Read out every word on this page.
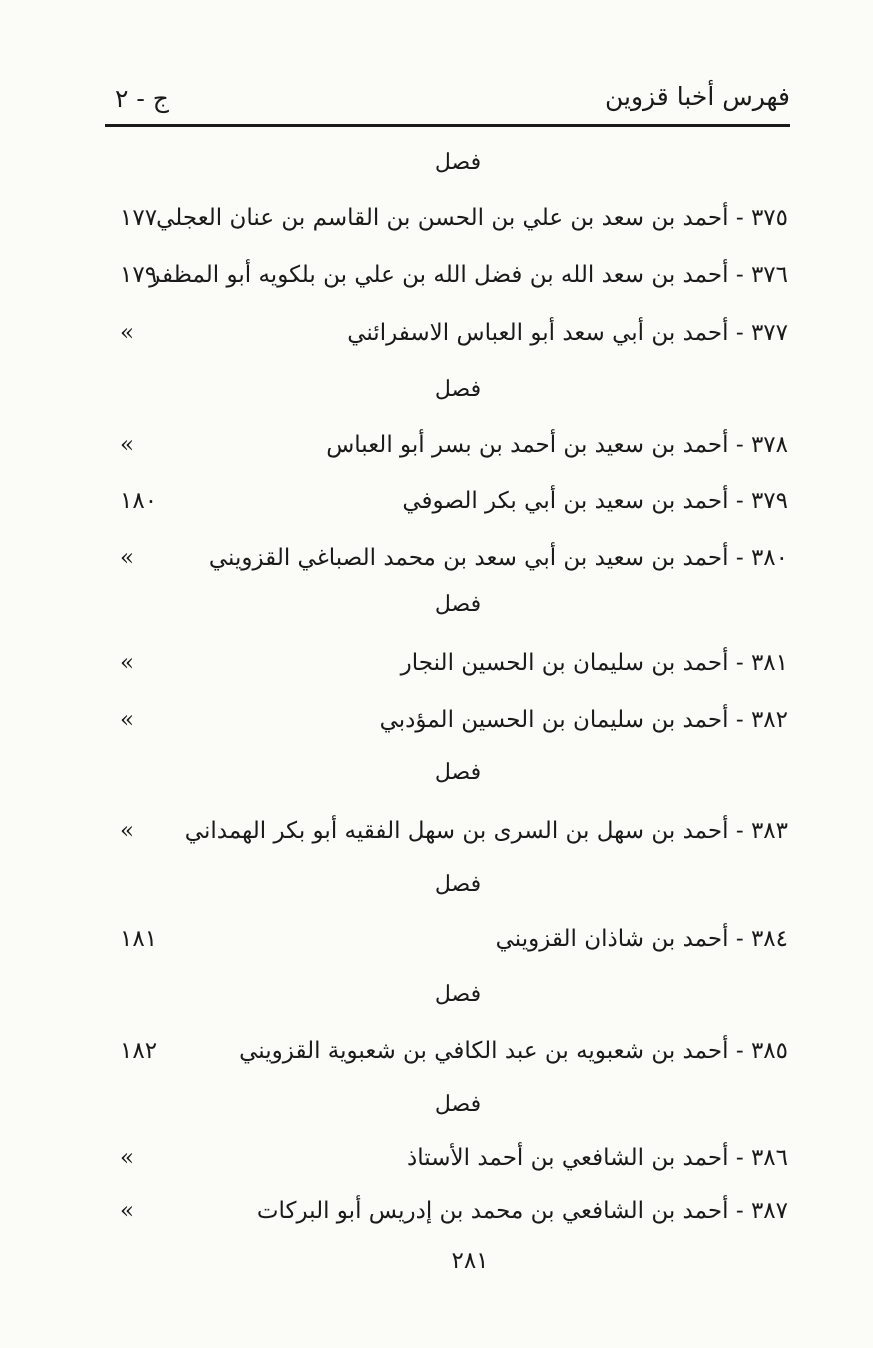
فهرس أخبا قزوين
ج - ٢
فصل
٣٧٥ - أحمد بن سعد بن علي بن الحسن بن القاسم بن عنان العجلي
١٧٧
٣٧٦ - أحمد بن سعد الله بن فضل الله بن علي بن بلكويه أبو المظفر
١٧٩
٣٧٧ - أحمد بن أبي سعد أبو العباس الاسفرائني
»
فصل
٣٧٨ - أحمد بن سعيد بن أحمد بن بسر أبو العباس
»
٣٧٩ - أحمد بن سعيد بن أبي بكر الصوفي
١٨٠
٣٨٠ - أحمد بن سعيد بن أبي سعد بن محمد الصباغي القزويني
»
فصل
٣٨١ - أحمد بن سليمان بن الحسين النجار
»
٣٨٢ - أحمد بن سليمان بن الحسين المؤدبي
»
فصل
٣٨٣ - أحمد بن سهل بن السرى بن سهل الفقيه أبو بكر الهمداني
»
فصل
٣٨٤ - أحمد بن شاذان القزويني
١٨١
فصل
٣٨٥ - أحمد بن شعبويه بن عبد الكافي بن شعبوية القزويني
١٨٢
فصل
٣٨٦ - أحمد بن الشافعي بن أحمد الأستاذ
»
٣٨٧ - أحمد بن الشافعي بن محمد بن إدريس أبو البركات
»
٢٨١
